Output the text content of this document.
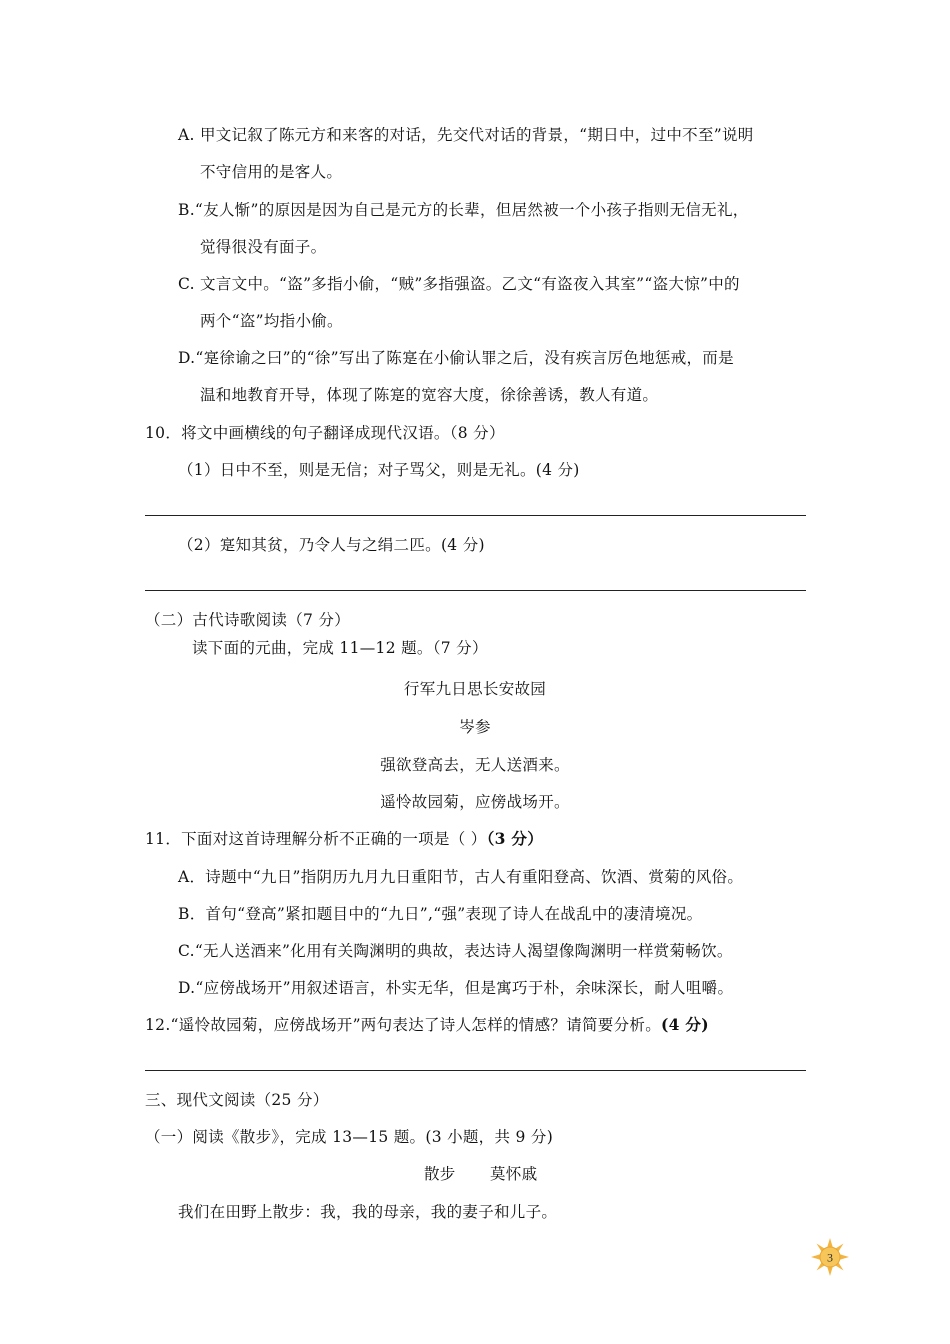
A. 甲文记叙了陈元方和来客的对话，先交代对话的背景，“期日中，过中不至”说明
不守信用的是客人。
B.“友人惭”的原因是因为自己是元方的长辈，但居然被一个小孩子指则无信无礼，
觉得很没有面子。
C. 文言文中。“盗”多指小偷，“贼”多指强盗。乙文“有盗夜入其室”“盗大惊”中的
两个“盗”均指小偷。
D.“寔徐谕之曰”的“徐”写出了陈寔在小偷认罪之后，没有疾言厉色地惩戒，而是
温和地教育开导，体现了陈寔的宽容大度，徐徐善诱，教人有道。
10．将文中画横线的句子翻译成现代汉语。（8 分）
（1）日中不至，则是无信；对子骂父，则是无礼。(4 分)
（2）寔知其贫，乃令人与之绢二匹。(4 分)
（二）古代诗歌阅读（7 分）
读下面的元曲，完成 11—12 题。（7 分）
行军九日思长安故园
岑参
强欲登高去，无人送酒来。
遥怜故园菊，应傍战场开。
11．下面对这首诗理解分析不正确的一项是（ ）（3 分）
A．诗题中“九日”指阴历九月九日重阳节，古人有重阳登高、饮酒、赏菊的风俗。
B．首句“登高”紧扣题目中的“九日”,“强”表现了诗人在战乱中的凄清境况。
C.“无人送酒来”化用有关陶渊明的典故，表达诗人渴望像陶渊明一样赏菊畅饮。
D.“应傍战场开”用叙述语言，朴实无华，但是寓巧于朴，余味深长，耐人咀嚼。
12.“遥怜故园菊，应傍战场开”两句表达了诗人怎样的情感？请简要分析。(4 分)
三、现代文阅读（25 分）
（一）阅读《散步》，完成 13—15 题。(3 小题，共 9 分)
散步 莫怀戚
我们在田野上散步：我，我的母亲，我的妻子和儿子。
3
